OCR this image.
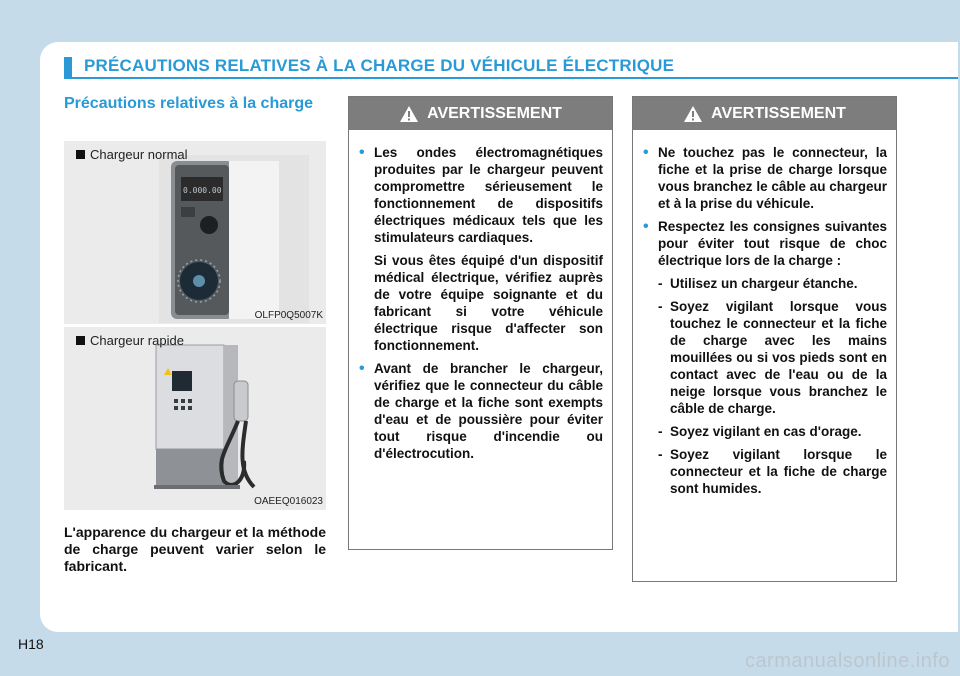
PRÉCAUTIONS RELATIVES À LA CHARGE DU VÉHICULE ÉLECTRIQUE
Précautions relatives à la charge
0.000.00
Chargeur normal
OLFP0Q5007K
Chargeur rapide
OAEEQ016023
L'apparence du chargeur et la méthode de charge peuvent varier selon le fabricant.
AVERTISSEMENT
• Les ondes électromagnétiques produites par le chargeur peuvent compromettre sérieusement le fonctionnement de dispositifs électriques médicaux tels que les stimulateurs cardiaques.
Si vous êtes équipé d'un dispositif médical électrique, vérifiez auprès de votre équipe soignante et du fabricant si votre véhicule électrique risque d'affecter son fonctionnement.
• Avant de brancher le chargeur, vérifiez que le connecteur du câble de charge et la fiche sont exempts d'eau et de poussière pour éviter tout risque d'incendie ou d'électrocution.
AVERTISSEMENT
• Ne touchez pas le connecteur, la fiche et la prise de charge lorsque vous branchez le câble au chargeur et à la prise du véhicule.
• Respectez les consignes suivantes pour éviter tout risque de choc électrique lors de la charge :
- Utilisez un chargeur étanche.
- Soyez vigilant lorsque vous touchez le connecteur et la fiche de charge avec les mains mouillées ou si vos pieds sont en contact avec de l'eau ou de la neige lorsque vous branchez le câble de charge.
- Soyez vigilant en cas d'orage.
- Soyez vigilant lorsque le connecteur et la fiche de charge sont humides.
H18
carmanualsonline.info
